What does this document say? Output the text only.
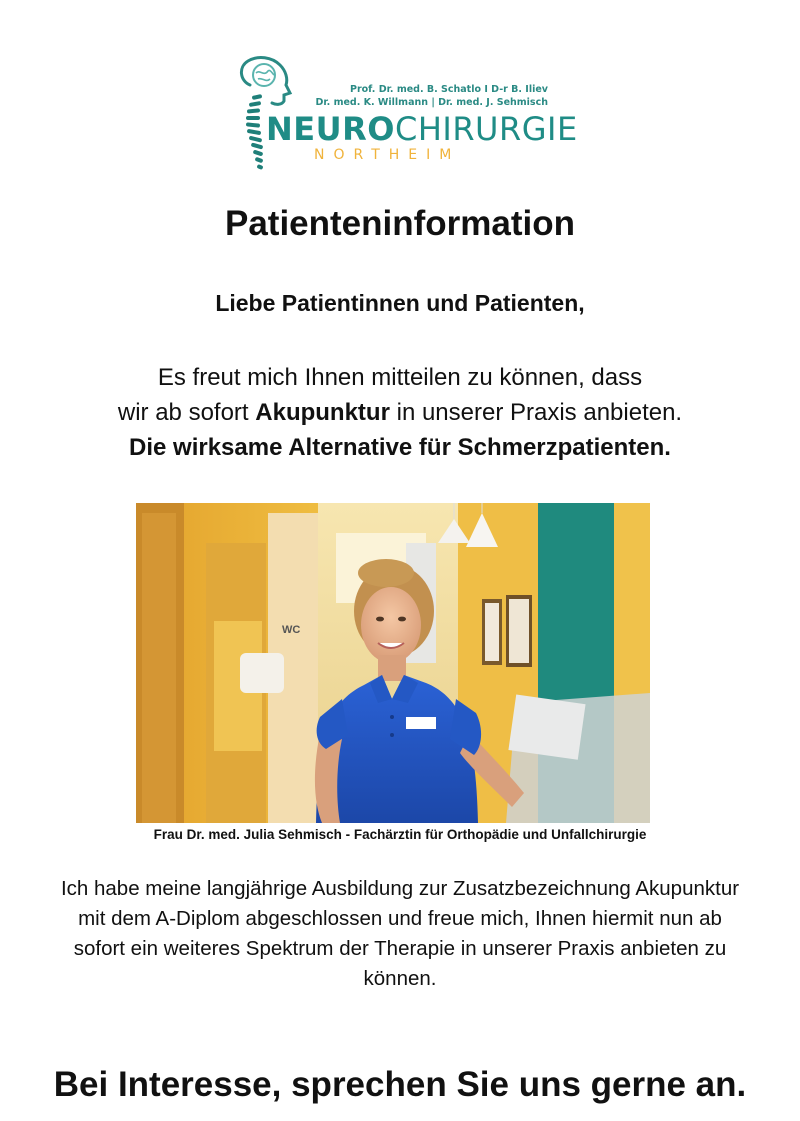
Prof. Dr. med. B. Schatlo I D-r B. Iliev
Dr. med. K. Willmann | Dr. med. J. Sehmisch
NEUROCHIRURGIE
NORTHEIM
Patienteninformation
Liebe Patientinnen und Patienten,
Es freut mich Ihnen mitteilen zu können, dass
wir ab sofort Akupunktur in unserer Praxis anbieten.
Die wirksame Alternative für Schmerzpatienten.
WC
Frau Dr. med. Julia Sehmisch - Fachärztin für Orthopädie und Unfallchirurgie
Ich habe meine langjährige Ausbildung zur Zusatzbezeichnung Akupunktur
mit dem A-Diplom abgeschlossen und freue mich, Ihnen hiermit nun ab
sofort ein weiteres Spektrum der Therapie in unserer Praxis anbieten zu
können.
Bei Interesse, sprechen Sie uns gerne an.
